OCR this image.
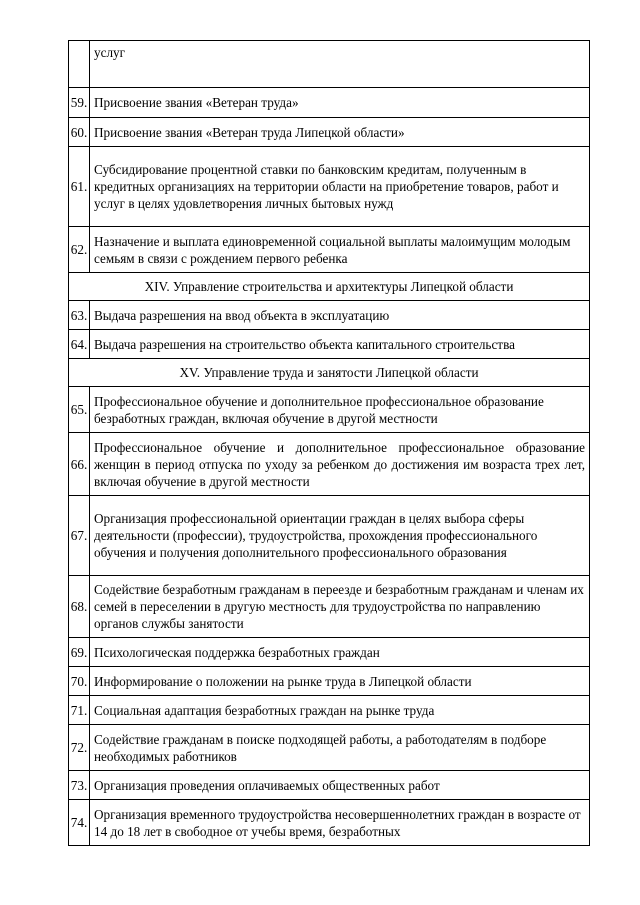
	услуг
59.	Присвоение звания «Ветеран труда»
60.	Присвоение звания «Ветеран труда Липецкой области»
61.	Субсидирование процентной ставки по банковским кредитам, полученным в кредитных организациях на территории области на приобретение товаров, работ и услуг в целях удовлетворения личных бытовых нужд
62.	Назначение и выплата единовременной социальной выплаты малоимущим молодым семьям в связи с рождением первого ребенка
XIV. Управление строительства и архитектуры Липецкой области	
63.	Выдача разрешения на ввод объекта в эксплуатацию
64.	Выдача разрешения на строительство объекта капитального строительства
XV. Управление труда и занятости Липецкой области	
65.	Профессиональное обучение и дополнительное профессиональное образование безработных граждан, включая обучение в другой местности
66.	Профессиональное обучение и дополнительное профессиональное образование женщин в период отпуска по уходу за ребенком до достижения им возраста трех лет, включая обучение в другой местности
67.	Организация профессиональной ориентации граждан в целях выбора сферы деятельности (профессии), трудоустройства, прохождения профессионального обучения и получения дополнительного профессионального образования
68.	Содействие безработным гражданам в переезде и безработным гражданам и членам их семей в переселении в другую местность для трудоустройства по направлению органов службы занятости
69.	Психологическая поддержка безработных граждан
70.	Информирование о положении на рынке труда в Липецкой области
71.	Социальная адаптация безработных граждан на рынке труда
72.	Содействие гражданам в поиске подходящей работы, а работодателям в подборе необходимых работников
73.	Организация проведения оплачиваемых общественных работ
74.	Организация временного трудоустройства несовершеннолетних граждан в возрасте от 14 до 18 лет в свободное от учебы время, безработных
